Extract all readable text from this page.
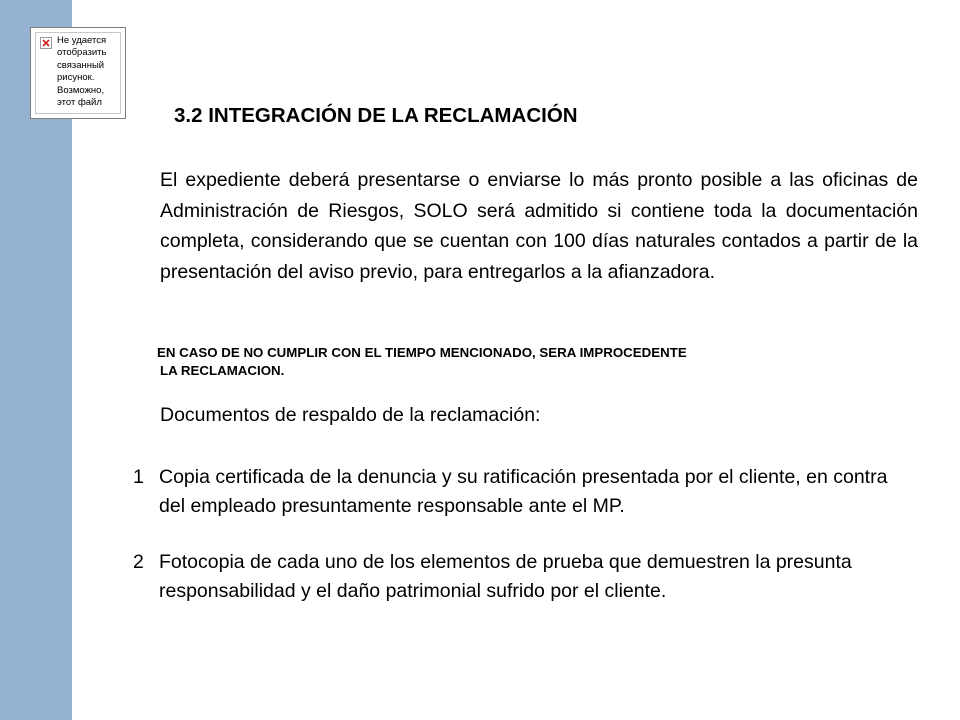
Не удается отобразить связанный рисунок. Возможно, этот файл
3.2 INTEGRACIÓN DE LA RECLAMACIÓN
El expediente deberá presentarse o enviarse lo más pronto posible a las oficinas de Administración de Riesgos, SOLO será admitido si contiene toda la documentación completa, considerando que se cuentan con 100 días naturales contados a partir de la presentación del aviso previo, para entregarlos a la afianzadora.
EN CASO DE NO CUMPLIR CON EL TIEMPO MENCIONADO, SERA IMPROCEDENTE
LA RECLAMACION.
Documentos de respaldo de la reclamación:
1 Copia certificada de la denuncia y su ratificación presentada por el cliente, en contra del empleado presuntamente responsable ante el MP.
2 Fotocopia de cada uno de los elementos de prueba que demuestren la presunta responsabilidad y el daño patrimonial sufrido por el cliente.
